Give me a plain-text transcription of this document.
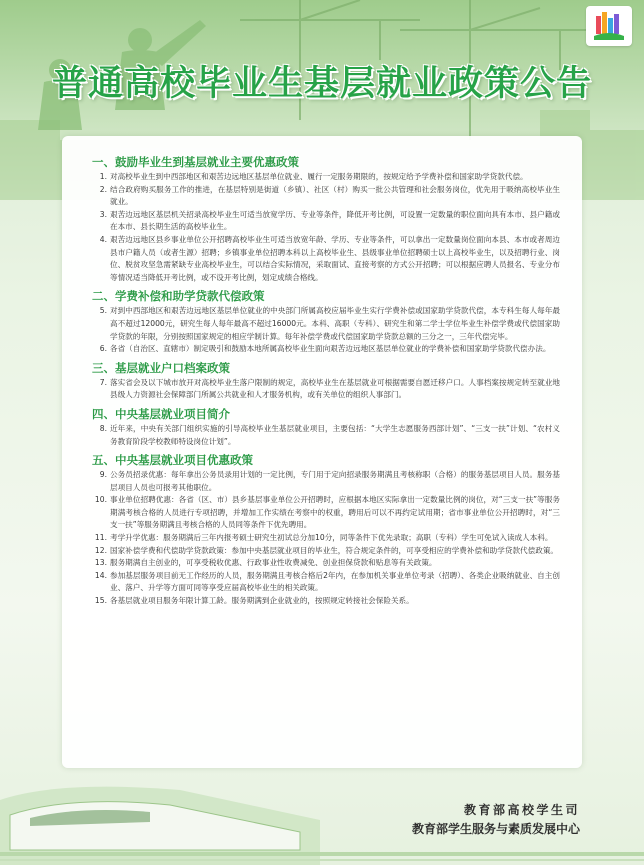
普通高校毕业生基层就业政策公告
一、鼓励毕业生到基层就业主要优惠政策
1. 对高校毕业生到中西部地区和艰苦边远地区基层单位就业、履行一定服务期限的，按规定给予学费补偿和国家助学贷款代偿。
2. 结合政府购买服务工作的推进，在基层特别是街道（乡镇）、社区（村）购买一批公共管理和社会服务岗位，优先用于吸纳高校毕业生就业。
3. 艰苦边远地区基层机关招录高校毕业生可适当放宽学历、专业等条件，降低开考比例，可设置一定数量的职位面向具有本市、县户籍或在本市、县长期生活的高校毕业生。
4. 艰苦边远地区县乡事业单位公开招聘高校毕业生可适当放宽年龄、学历、专业等条件，可以拿出一定数量岗位面向本县、本市或者周边县市户籍人员（或者生源）招聘；乡镇事业单位招聘本科以上高校毕业生、县级事业单位招聘硕士以上高校毕业生，以及招聘行业、岗位、脱贫攻坚急需紧缺专业高校毕业生，可以结合实际情况，采取面试、直接考察的方式公开招聘；可以根据应聘人员报名、专业分布等情况适当降低开考比例，或不设开考比例，划定成绩合格线。
二、学费补偿和助学贷款代偿政策
5. 对到中西部地区和艰苦边远地区基层单位就业的中央部门所属高校应届毕业生实行学费补偿或国家助学贷款代偿，本专科生每人每年最高不超过12000元，研究生每人每年最高不超过16000元。本科、高职（专科）、研究生和第二学士学位毕业生补偿学费或代偿国家助学贷款的年限，分别按照国家规定的相应学制计算。每年补偿学费或代偿国家助学贷款总额的三分之一，三年代偿完毕。
6. 各省（自治区、直辖市）制定吸引和鼓励本地所属高校毕业生面向艰苦边远地区基层单位就业的学费补偿和国家助学贷款代偿办法。
三、基层就业户口档案政策
7. 落实省会及以下城市放开对高校毕业生落户限制的规定，高校毕业生在基层就业可根据需要自愿迁移户口。人事档案按规定转至就业地县级人力资源社会保障部门所属公共就业和人才服务机构，或有关单位的组织人事部门。
四、中央基层就业项目简介
8. 近年来，中央有关部门组织实施的引导高校毕业生基层就业项目，主要包括：“大学生志愿服务西部计划”、“三支一扶”计划、“农村义务教育阶段学校教师特设岗位计划”。
五、中央基层就业项目优惠政策
9. 公务员招录优惠：每年拿出公务员录用计划的一定比例，专门用于定向招录服务期满且考核称职（合格）的服务基层项目人员。服务基层项目人员也可报考其他职位。
10. 事业单位招聘优惠：各省（区、市）县乡基层事业单位公开招聘时，应根据本地区实际拿出一定数量比例的岗位，对“三支一扶”等服务期满考核合格的人员进行专项招聘，并增加工作实绩在考察中的权重，聘用后可以不再约定试用期；省市事业单位公开招聘时，对“三支一扶”等服务期满且考核合格的人员同等条件下优先聘用。
11. 考学升学优惠：服务期满后三年内报考硕士研究生初试总分加10分，同等条件下优先录取；高职（专科）学生可免试入读成人本科。
12. 国家补偿学费和代偿助学贷款政策：参加中央基层就业项目的毕业生，符合规定条件的，可享受相应的学费补偿和助学贷款代偿政策。
13. 服务期满自主创业的，可享受税收优惠、行政事业性收费减免、创业担保贷款和贴息等有关政策。
14. 参加基层服务项目前无工作经历的人员，服务期满且考核合格后2年内，在参加机关事业单位考录（招聘）、各类企业吸纳就业、自主创业、落户、升学等方面可同等享受应届高校毕业生的相关政策。
15. 各基层就业项目服务年限计算工龄。服务期满到企业就业的，按照规定转接社会保险关系。
教育部高校学生司
教育部学生服务与素质发展中心
